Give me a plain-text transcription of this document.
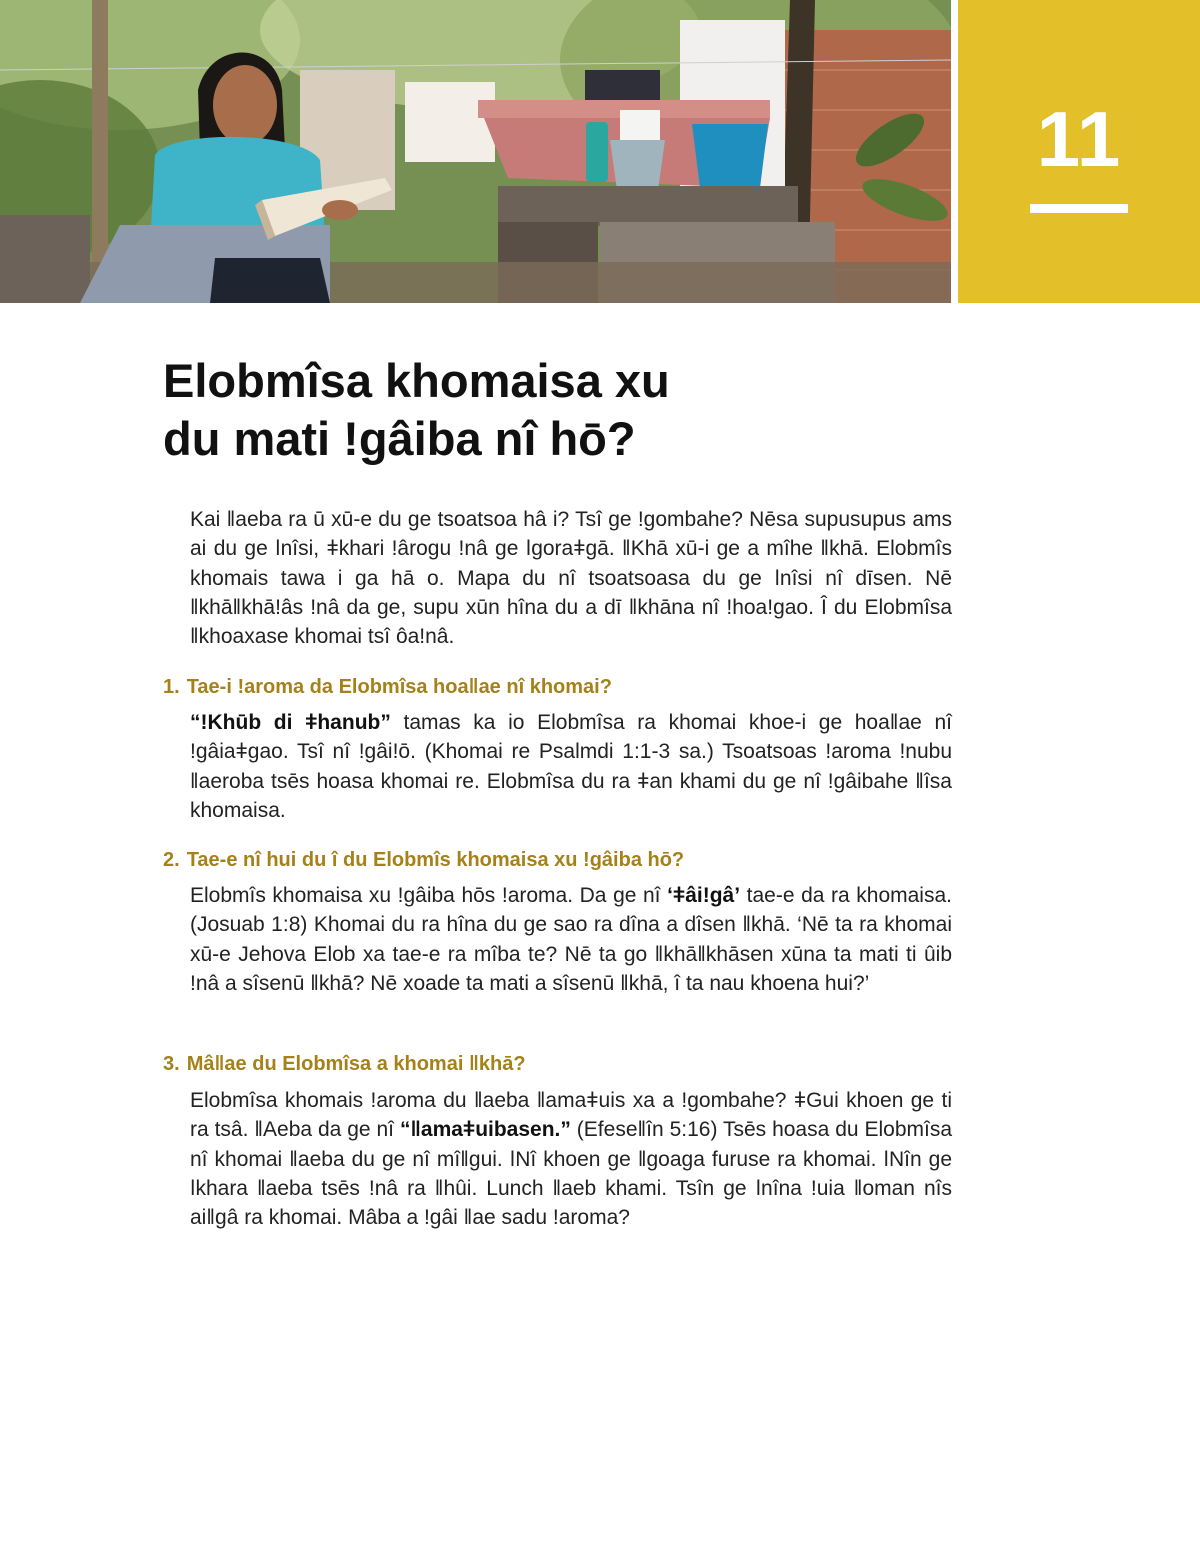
11
Elobmîsa khomaisa xu
du mati ǃgâiba nî hō?

Kai ǁaeba ra ū xū-e du ge tsoatsoa hâ i? Tsî ge ǃgombahe? Nēsa supusupus ams ai du ge ǀnîsi, ǂkhari ǃârogu ǃnâ ge ǀgoraǂgā. ǁKhā xū-i ge a mîhe ǁkhā. Elobmîs khomais tawa i ga hā o. Mapa du nî tsoatsoasa du ge ǀnîsi nî dīsen. Nē ǁkhāǁkhāǃâs ǃnâ da ge, supu xūn hîna du a dī ǁkhāna nî ǃhoaǃgao. Î du Elobmîsa ǁkhoaxase khomai tsî ôaǃnâ.

1. Tae-i ǃaroma da Elobmîsa hoaǁae nî khomai?

“ǃKhūb di ǂhanub” tamas ka io Elobmîsa ra khomai khoe-i ge hoaǁae nî ǃgâiaǂgao. Tsî nî ǃgâiǃō. (Khomai re Psalmdi 1:1-3 sa.) Tsoatsoas ǃaroma ǃnubu ǁaeroba tsēs hoasa khomai re. Elobmîsa du ra ǂan khami du ge nî ǃgâibahe ǁîsa khomaisa.

2. Tae-e nî hui du î du Elobmîs khomaisa xu ǃgâiba hō?

Elobmîs khomaisa xu ǃgâiba hōs ǃaroma. Da ge nî ‘ǂâiǃgâ’ tae-e da ra khomaisa. (Josuab 1:8) Khomai du ra hîna du ge sao ra dîna a dîsen ǁkhā. ‘Nē ta ra khomai xū-e Jehova Elob xa tae-e ra mîba te? Nē ta go ǁkhāǁkhāsen xūna ta mati ti ûib ǃnâ a sîsenū ǁkhā? Nē xoade ta mati a sîsenū ǁkhā, î ta nau khoena hui?’

3. Mâǁae du Elobmîsa a khomai ǁkhā?

Elobmîsa khomais ǃaroma du ǁaeba ǁamaǂuis xa a ǃgombahe? ǂGui khoen ge ti ra tsâ. ǁAeba da ge nî “ǁamaǂuibasen.” (Efeseǁîn 5:16) Tsēs hoasa du Elobmîsa nî khomai ǁaeba du ge nî mîǁgui. ǀNî khoen ge ǁgoaga furuse ra khomai. ǀNîn ge ǀkhara ǁaeba tsēs ǃnâ ra ǁhûi. Lunch ǁaeb khami. Tsîn ge ǀnîna ǃuia ǁoman nîs aiǁgâ ra khomai. Mâba a ǃgâi ǁae sadu ǃaroma?
